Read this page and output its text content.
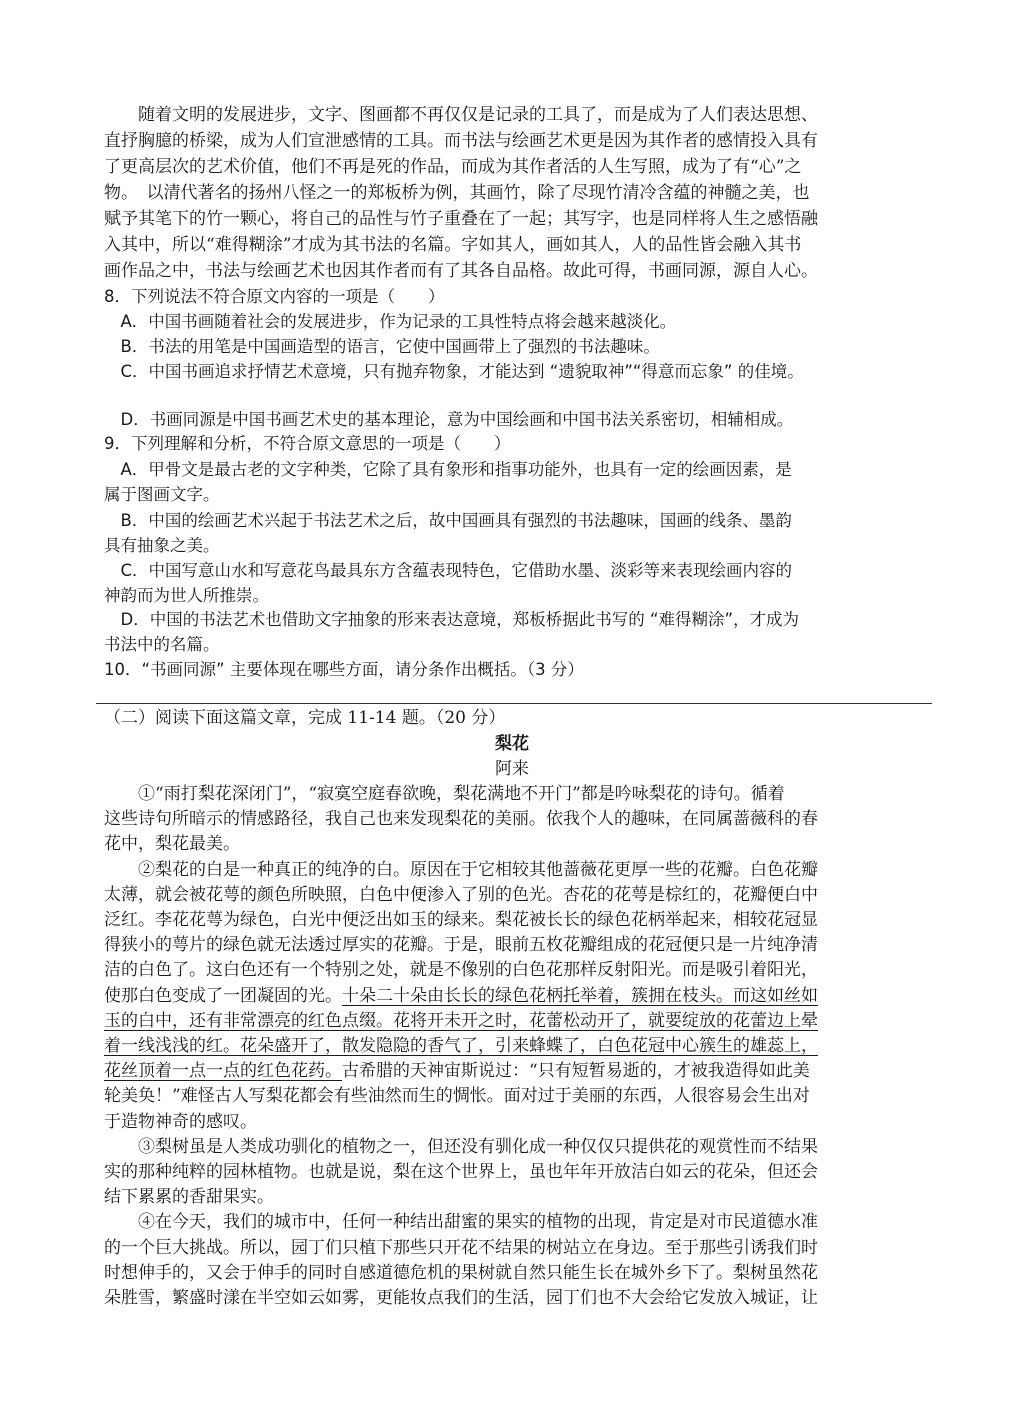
　　随着文明的发展进步，文字、图画都不再仅仅是记录的工具了，而是成为了人们表达思想、
直抒胸臆的桥梁，成为人们宣泄感情的工具。而书法与绘画艺术更是因为其作者的感情投入具有
了更高层次的艺术价值，他们不再是死的作品，而成为其作者活的人生写照，成为了有“心”之
物。　以清代著名的扬州八怪之一的郑板桥为例，其画竹，除了尽现竹清冷含蕴的神髓之美，也
赋予其笔下的竹一颗心，将自己的品性与竹子重叠在了一起；其写字，也是同样将人生之感悟融
入其中，所以“难得糊涂”才成为其书法的名篇。字如其人，画如其人，人的品性皆会融入其书
画作品之中，书法与绘画艺术也因其作者而有了其各自品格。故此可得，书画同源，源自人心。
8．下列说法不符合原文内容的一项是（　　）
　A．中国书画随着社会的发展进步，作为记录的工具性特点将会越来越淡化。
　B．书法的用笔是中国画造型的语言，它使中国画带上了强烈的书法趣味。
　C．中国书画追求抒情艺术意境，只有抛弃物象，才能达到 “遗貌取神”“得意而忘象” 的佳境。
　D．书画同源是中国书画艺术史的基本理论，意为中国绘画和中国书法关系密切，相辅相成。
9．下列理解和分析，不符合原文意思的一项是（　　）
　A．甲骨文是最古老的文字种类，它除了具有象形和指事功能外，也具有一定的绘画因素，是
属于图画文字。
　B．中国的绘画艺术兴起于书法艺术之后，故中国画具有强烈的书法趣味，国画的线条、墨韵
具有抽象之美。
　C．中国写意山水和写意花鸟最具东方含蕴表现特色，它借助水墨、淡彩等来表现绘画内容的
神韵而为世人所推崇。
　D．中国的书法艺术也借助文字抽象的形来表达意境，郑板桥据此书写的 “难得糊涂”，才成为
书法中的名篇。
10．“书画同源” 主要体现在哪些方面，请分条作出概括。（3 分）
（二）阅读下面这篇文章，完成 11-14 题。（20 分）
梨花
阿来
　　①“雨打梨花深闭门”，“寂寞空庭春欲晚，梨花满地不开门”都是吟咏梨花的诗句。循着
这些诗句所暗示的情感路径，我自己也来发现梨花的美丽。依我个人的趣味，在同属蔷薇科的春
花中，梨花最美。
　　②梨花的白是一种真正的纯净的白。原因在于它相较其他蔷薇花更厚一些的花瓣。白色花瓣
太薄，就会被花萼的颜色所映照，白色中便渗入了别的色光。杏花的花萼是棕红的，花瓣便白中
泛红。李花花萼为绿色，白光中便泛出如玉的绿来。梨花被长长的绿色花柄举起来，相较花冠显
得狭小的萼片的绿色就无法透过厚实的花瓣。于是，眼前五枚花瓣组成的花冠便只是一片纯净清
洁的白色了。这白色还有一个特别之处，就是不像别的白色花那样反射阳光。而是吸引着阳光，
使那白色变成了一团凝固的光。十朵二十朵由长长的绿色花柄托举着，簇拥在枝头。而这如丝如
玉的白中，还有非常漂亮的红色点缀。花将开未开之时，花蕾松动开了，就要绽放的花蕾边上晕
着一线浅浅的红。花朵盛开了，散发隐隐的香气了，引来蜂蝶了，白色花冠中心簇生的雄蕊上，
花丝顶着一点一点的红色花药。古希腊的天神宙斯说过：“只有短暂易逝的，才被我造得如此美
轮美奂！”难怪古人写梨花都会有些油然而生的惆怅。面对过于美丽的东西，人很容易会生出对
于造物神奇的感叹。
　　③梨树虽是人类成功驯化的植物之一，但还没有驯化成一种仅仅只提供花的观赏性而不结果
实的那种纯粹的园林植物。也就是说，梨在这个世界上，虽也年年开放洁白如云的花朵，但还会
结下累累的香甜果实。
　　④在今天，我们的城市中，任何一种结出甜蜜的果实的植物的出现，肯定是对市民道德水准
的一个巨大挑战。所以，园丁们只植下那些只开花不结果的树站立在身边。至于那些引诱我们时
时想伸手的，又会于伸手的同时自感道德危机的果树就自然只能生长在城外乡下了。梨树虽然花
朵胜雪，繁盛时漾在半空如云如雾，更能妆点我们的生活，园丁们也不大会给它发放入城证，让
